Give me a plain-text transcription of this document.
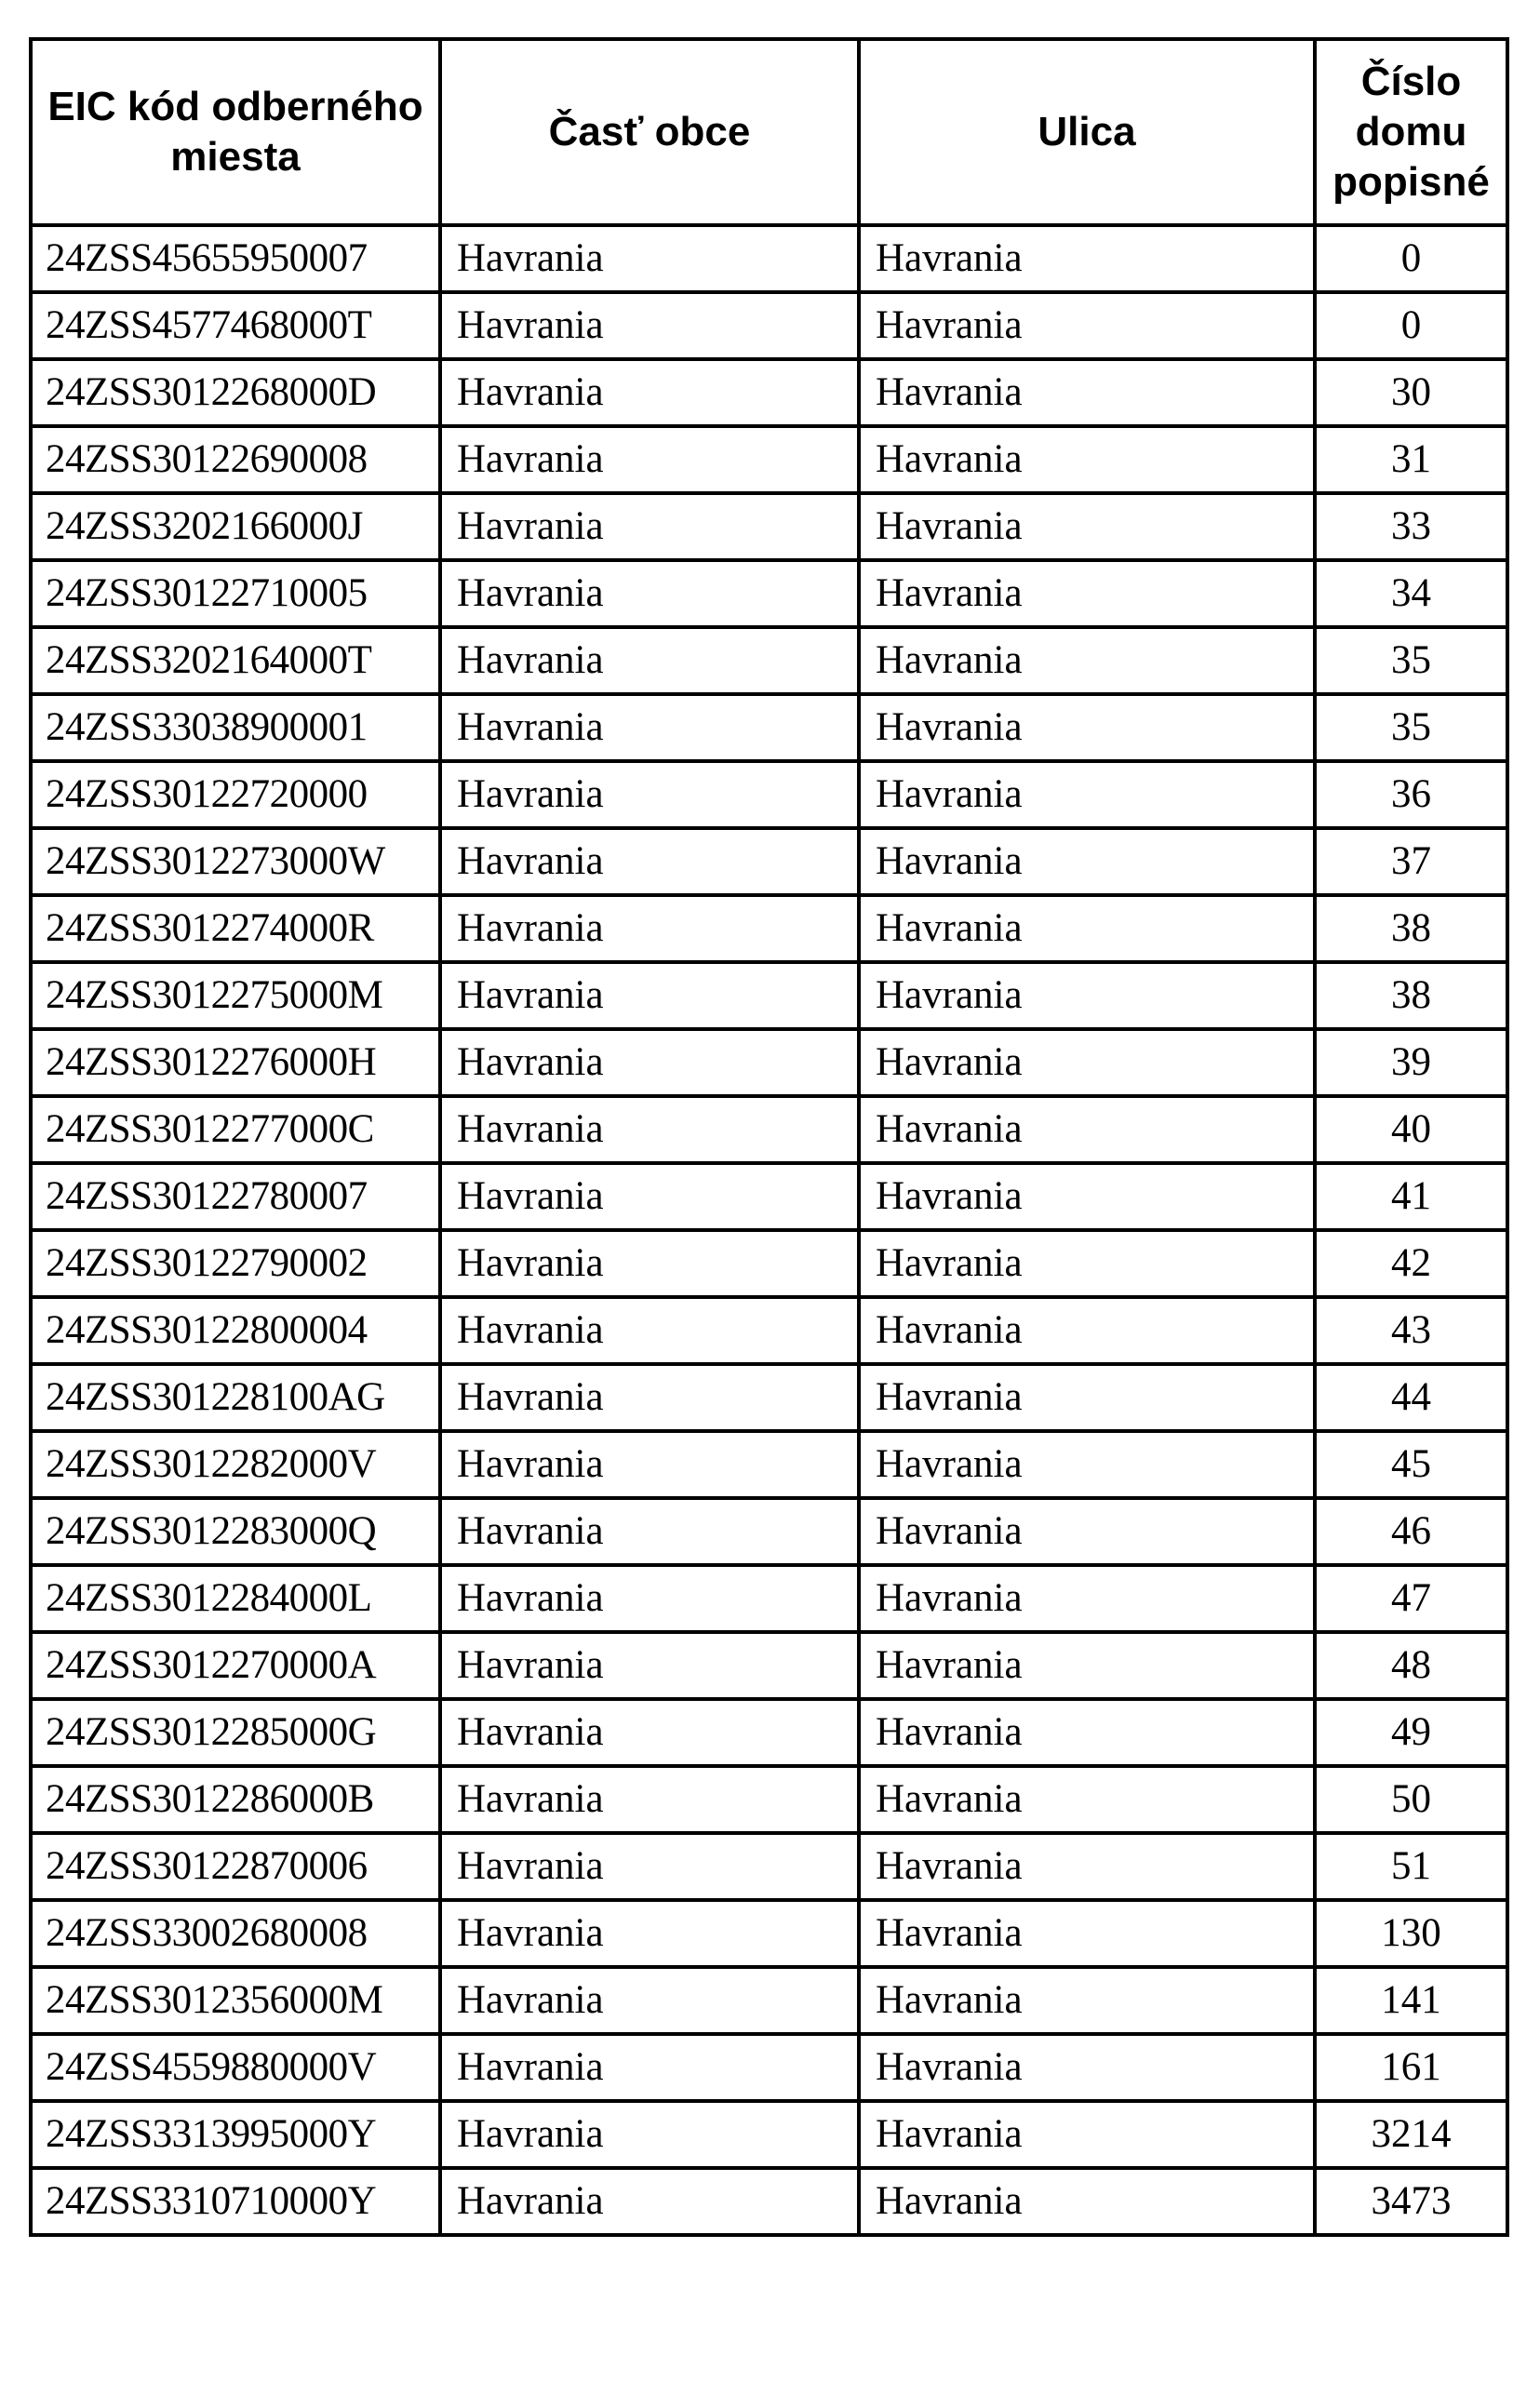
EIC kód odberného miesta	Časť obce	Ulica	Číslo domu popisné
24ZSS45655950007	Havrania	Havrania	0
24ZSS4577468000T	Havrania	Havrania	0
24ZSS3012268000D	Havrania	Havrania	30
24ZSS30122690008	Havrania	Havrania	31
24ZSS3202166000J	Havrania	Havrania	33
24ZSS30122710005	Havrania	Havrania	34
24ZSS3202164000T	Havrania	Havrania	35
24ZSS33038900001	Havrania	Havrania	35
24ZSS30122720000	Havrania	Havrania	36
24ZSS3012273000W	Havrania	Havrania	37
24ZSS3012274000R	Havrania	Havrania	38
24ZSS3012275000M	Havrania	Havrania	38
24ZSS3012276000H	Havrania	Havrania	39
24ZSS3012277000C	Havrania	Havrania	40
24ZSS30122780007	Havrania	Havrania	41
24ZSS30122790002	Havrania	Havrania	42
24ZSS30122800004	Havrania	Havrania	43
24ZSS301228100AG	Havrania	Havrania	44
24ZSS3012282000V	Havrania	Havrania	45
24ZSS3012283000Q	Havrania	Havrania	46
24ZSS3012284000L	Havrania	Havrania	47
24ZSS3012270000A	Havrania	Havrania	48
24ZSS3012285000G	Havrania	Havrania	49
24ZSS3012286000B	Havrania	Havrania	50
24ZSS30122870006	Havrania	Havrania	51
24ZSS33002680008	Havrania	Havrania	130
24ZSS3012356000M	Havrania	Havrania	141
24ZSS4559880000V	Havrania	Havrania	161
24ZSS3313995000Y	Havrania	Havrania	3214
24ZSS3310710000Y	Havrania	Havrania	3473
